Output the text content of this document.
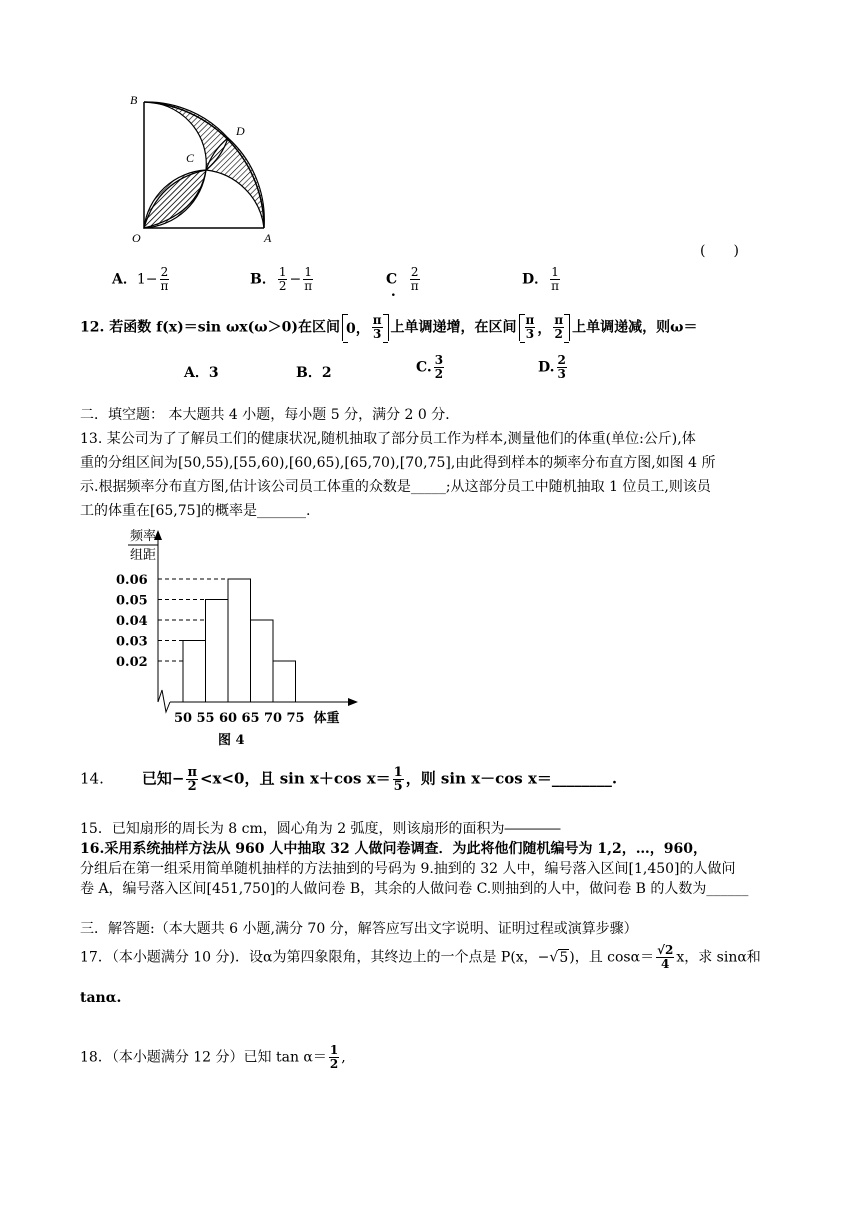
B
D
C
O	A
(　　)
A．$1- \frac{2}{\pi}$	B． $\frac{1}{2} - \frac{1}{\pi}$	C. $\frac{2}{\pi}$	D． $\frac{1}{\pi}$
12. 若函数 f(x)＝sin ωx(ω＞0)在区间 0， $\frac{\pi}{3}$ 上单调递增，在区间 $\frac{\pi}{3}$ ， $\frac{\pi}{2}$ 上单调递减，则ω＝
A．3	B．2	C. $\frac{3}{2}$	D. $\frac{2}{3}$
二．填空题： 本大题共 4 小题，每小题 5 分，满分 2 0 分．
13. 某公司为了了解员工们的健康状况,随机抽取了部分员工作为样本,测量他们的体重(单位:公斤),体
重的分组区间为[50,55),[55,60),[60,65),[65,70),[70,75],由此得到样本的频率分布直方图,如图 4 所
示.根据频率分布直方图,估计该公司员工体重的众数是_____;从这部分员工中随机抽取 1 位员工,则该员
工的体重在[65,75]的概率是_______.
频率
组距
0.02
0.03
0.04
0.05
0.06
50 55 60 65 70 75 体重
图 4
14.	已知− $\frac{\pi}{2} <x<0$，且 sin x＋cos $x= \frac{1}{5}$ ，则 sin x－cos x＝________.
15．已知扇形的周长为 8 cm，圆心角为 2 弧度，则该扇形的面积为――――
16.采用系统抽样方法从 960 人中抽取 32 人做问卷调查．为此将他们随机编号为 1,2，…，960，
分组后在第一组采用简单随机抽样的方法抽到的号码为 9.抽到的 32 人中，编号落入区间[1,450]的人做问
卷 A，编号落入区间[451,750]的人做问卷 B，其余的人做问卷 C.则抽到的人中，做问卷 B 的人数为______
三．解答题:（本大题共 6 小题,满分 70 分，解答应写出文字说明、证明过程或演算步骤）
17．（本小题满分 10 分)．设α为第四象限角，其终边上的一个点是 P(x，−√5)，且 $\cos\alpha= \frac{√2}{4}$ x，求 sinα和
tanα.
18．（本小题满分 12 分）已知 $\tan \alpha= \frac{1}{2}$ ,
